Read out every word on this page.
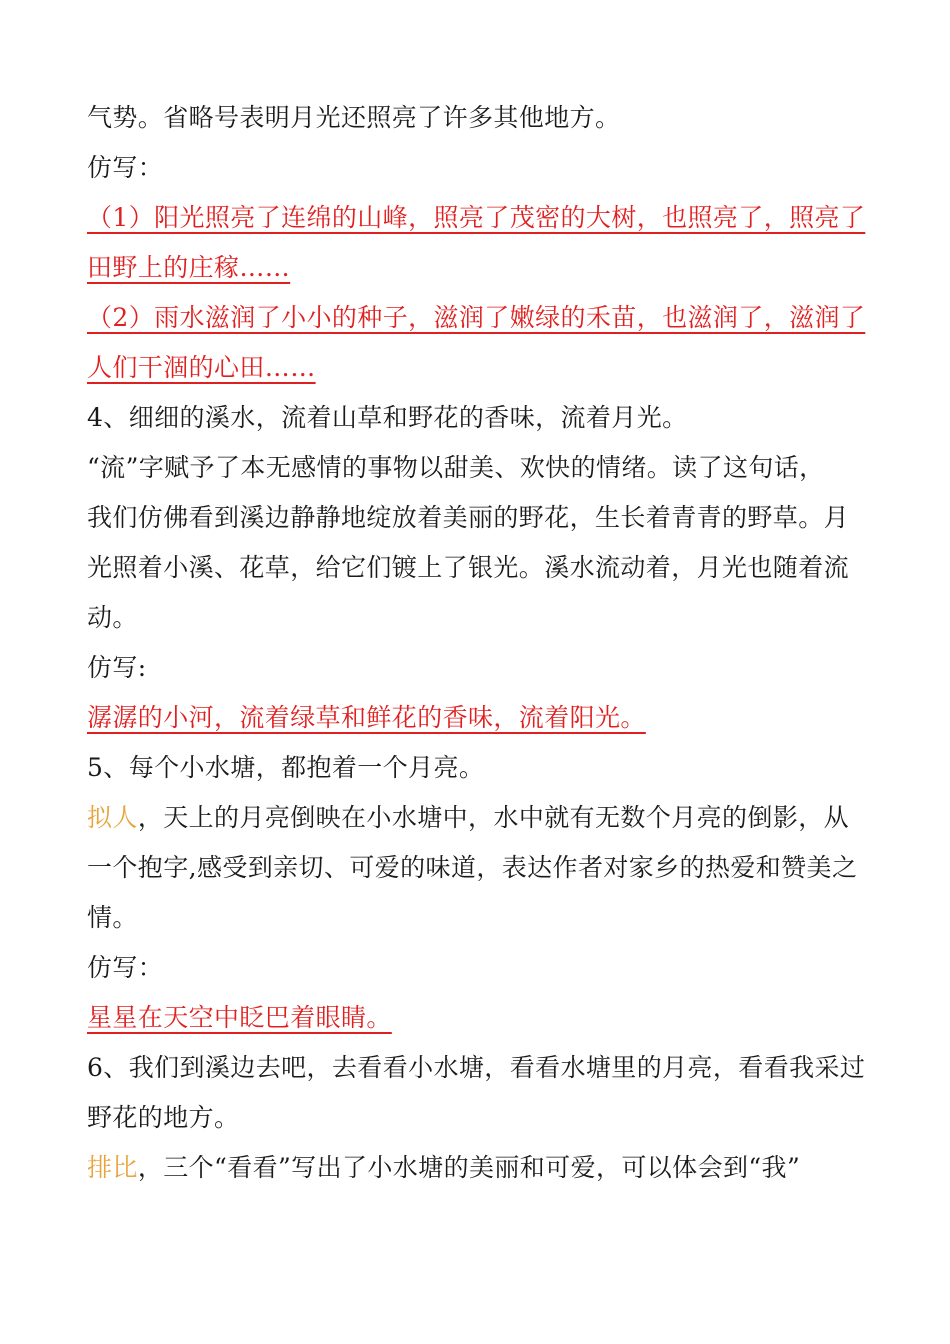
气势。省略号表明月光还照亮了许多其他地方。
仿写：
（1）阳光照亮了连绵的山峰，照亮了茂密的大树，也照亮了，照亮了
田野上的庄稼……
（2）雨水滋润了小小的种子，滋润了嫩绿的禾苗，也滋润了，滋润了
人们干涸的心田……
4、细细的溪水，流着山草和野花的香味，流着月光。
“流”字赋予了本无感情的事物以甜美、欢快的情绪。读了这句话，
我们仿佛看到溪边静静地绽放着美丽的野花，生长着青青的野草。月
光照着小溪、花草，给它们镀上了银光。溪水流动着，月光也随着流
动。
仿写:
潺潺的小河，流着绿草和鲜花的香味，流着阳光。
5、每个小水塘，都抱着一个月亮。
拟人，天上的月亮倒映在小水塘中，水中就有无数个月亮的倒影，从
一个抱字,感受到亲切、可爱的味道，表达作者对家乡的热爱和赞美之
情。
仿写：
星星在天空中眨巴着眼睛。
6、我们到溪边去吧，去看看小水塘，看看水塘里的月亮，看看我采过
野花的地方。
排比，三个“看看”写出了小水塘的美丽和可爱，可以体会到“我”
